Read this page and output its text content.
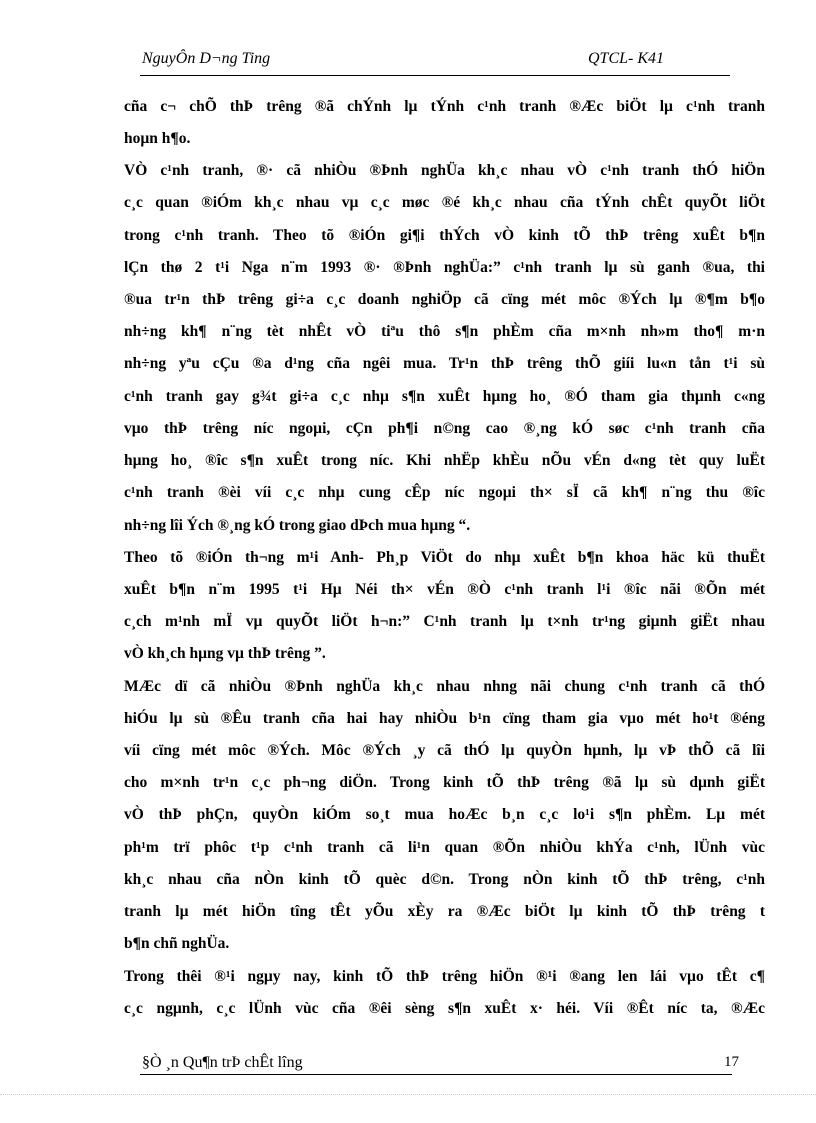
NguyÔn D¬ng Ting	QTCL- K41
cña c¬ chÕ thÞ trêng ®ã chÝnh lµ tÝnh c¹nh tranh ®Æc biÖt lµ c¹nh tranh
hoµn h¶o.
VÒ c¹nh tranh, ®· cã nhiÒu ®Þnh nghÜa kh¸c nhau vÒ c¹nh tranh thÓ hiÖn
c¸c quan ®iÓm kh¸c nhau vµ c¸c møc ®é kh¸c nhau cña tÝnh chÊt quyÕt liÖt
trong c¹nh tranh. Theo tõ ®iÓn gi¶i thÝch vÒ kinh tÕ thÞ trêng xuÊt b¶n
lÇn thø 2 t¹i Nga n¨m 1993 ®· ®Þnh nghÜa:” c¹nh tranh lµ sù ganh ®ua, thi
®ua tr¹n thÞ trêng gi÷a c¸c doanh nghiÖp cã cïng mét môc ®Ých lµ ®¶m b¶o
nh÷ng kh¶ n¨ng tèt nhÊt vÒ tiªu thô s¶n phÈm cña m×nh nh»m tho¶ m·n
nh÷ng yªu cÇu ®a d¹ng cña ngêi mua. Tr¹n thÞ trêng thÕ giíi lu«n tån t¹i sù
c¹nh tranh gay g¾t gi÷a c¸c nhµ s¶n xuÊt hµng ho¸ ®Ó tham gia thµnh c«ng
vµo thÞ trêng níc ngoµi, cÇn ph¶i n©ng cao ®¸ng kÓ søc c¹nh tranh cña
hµng ho¸ ®îc s¶n xuÊt trong níc. Khi nhËp khÈu nÕu vÉn d«ng tèt quy luËt
c¹nh tranh ®èi víi c¸c nhµ cung cÊp níc ngoµi th× sÏ cã kh¶ n¨ng thu ®îc
nh÷ng lîi Ých ®¸ng kÓ trong giao dÞch mua hµng “.
Theo tõ ®iÓn th¬ng m¹i Anh- Ph¸p ViÖt do nhµ xuÊt b¶n khoa häc kü thuËt
xuÊt b¶n n¨m 1995 t¹i Hµ Néi th× vÉn ®Ò c¹nh tranh l¹i ®îc nãi ®Õn mét
c¸ch m¹nh mÏ vµ quyÕt liÖt h¬n:” C¹nh tranh lµ t×nh tr¹ng giµnh giËt nhau
vÒ kh¸ch hµng vµ thÞ trêng ”.
MÆc dï cã nhiÒu ®Þnh nghÜa kh¸c nhau nhng nãi chung c¹nh tranh cã thÓ
hiÓu lµ sù ®Êu tranh cña hai hay nhiÒu b¹n cïng tham gia vµo mét ho¹t ®éng
víi cïng mét môc ®Ých. Môc ®Ých ¸y cã thÓ lµ quyÒn hµnh, lµ vÞ thÕ cã lîi
cho m×nh tr¹n c¸c ph¬ng diÖn. Trong kinh tÕ thÞ trêng ®ã lµ sù dµnh giËt
vÒ thÞ phÇn, quyÒn kiÓm so¸t mua hoÆc b¸n c¸c lo¹i s¶n phÈm. Lµ mét
ph¹m trï phôc t¹p c¹nh tranh cã li¹n quan ®Õn nhiÒu khÝa c¹nh, lÜnh vùc
kh¸c nhau cña nÒn kinh tÕ quèc d©n. Trong nÒn kinh tÕ thÞ trêng, c¹nh
tranh lµ mét hiÖn tîng tÊt yÕu xÈy ra ®Æc biÖt lµ kinh tÕ thÞ trêng t
b¶n chñ nghÜa.
Trong thêi ®¹i ngµy nay, kinh tÕ thÞ trêng hiÖn ®¹i ®ang len lái vµo tÊt c¶
c¸c ngµnh, c¸c lÜnh vùc cña ®êi sèng s¶n xuÊt x· héi. Víi ®Êt níc ta, ®Æc
§Ò ¸n Qu¶n trÞ chÊt lîng	17
